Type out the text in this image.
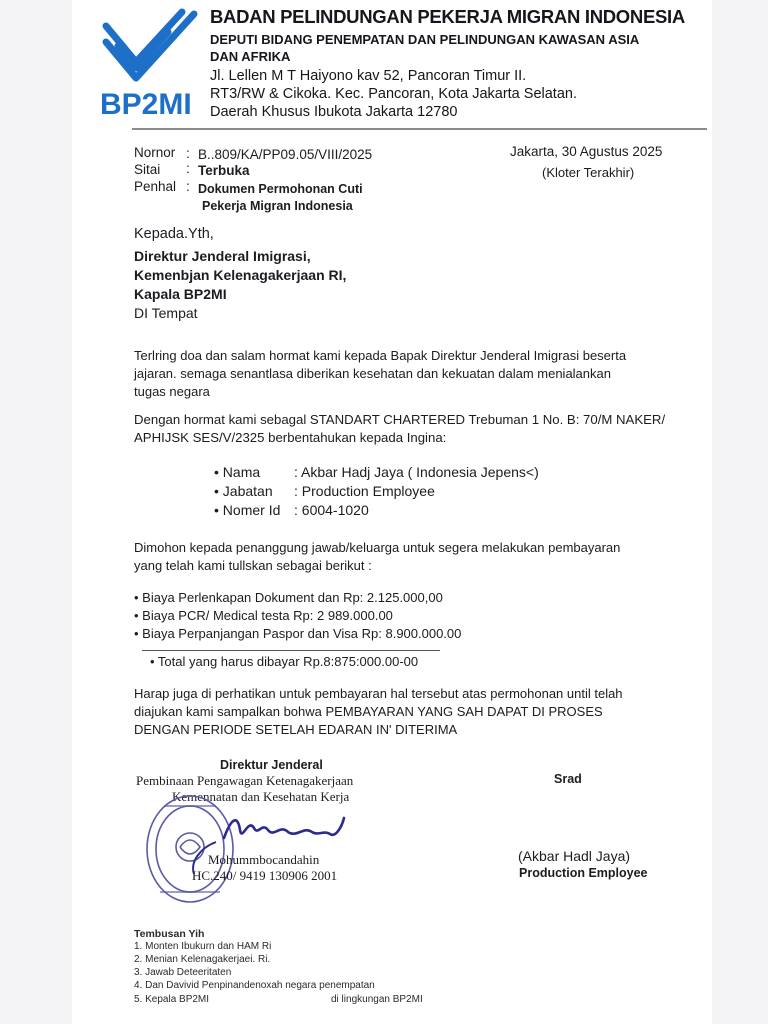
BP2MI
BADAN PELINDUNGAN PEKERJA MIGRAN INDONESIA
DEPUTI BIDANG PENEMPATAN DAN PELINDUNGAN KAWASAN ASIA DAN AFRIKA
Jl. Lellen M T Haiyono kav 52, Pancoran Timur II.
RT3/RW & Cikoka. Kec. Pancoran, Kota Jakarta Selatan.
Daerah Khusus Ibukota Jakarta 12780
Nornor : B..809/KA/PP09.05/VIII/2025
Sitai : Terbuka
Penhal : Dokumen Permohonan Cuti
Pekerja Migran Indonesia
Jakarta, 30 Agustus 2025
(Kloter Terakhir)
Kepada.Yth,
Direktur Jenderal Imigrasi,
Kemenbjan Kelenagakerjaan RI,
Kapala BP2MI
DI Tempat
Terlring doa dan salam hormat kami kepada Bapak Direktur Jenderal Imigrasi beserta
jajaran. semaga senantlasa diberikan kesehatan dan kekuatan dalam menialankan
tugas negara
Dengan hormat kami sebagal STANDART CHARTERED Trebuman 1 No. B: 70/M NAKER/
APHIJSK SES/V/2325 berbentahukan kepada Ingina:
• Nama : Akbar Hadj Jaya ( Indonesia Jepens<)
• Jabatan : Production Employee
• Nomer Id : 6004-1020
Dimohon kepada penanggung jawab/keluarga untuk segera melakukan pembayaran
yang telah kami tullskan sebagai berikut :
• Biaya Perlenkapan Dokument dan Rp: 2.125.000,00
• Biaya PCR/ Medical testa Rp: 2 989.000.00
• Biaya Perpanjangan Paspor dan Visa Rp: 8.900.000.00
• Total yang harus dibayar Rp.8:875:000.00-00
Harap juga di perhatikan untuk pembayaran hal tersebut atas permohonan until telah
diajukan kami sampalkan bohwa PEMBAYARAN YANG SAH DAPAT DI PROSES
DENGAN PERIODE SETELAH EDARAN IN' DITERIMA
Direktur Jenderal
Pembinaan Pengawagan Ketenagakerjaan
Kemennatan dan Kesehatan Kerja
Mohummbocandahin
HC.240/ 9419 130906 2001
Srad
(Akbar Hadl Jaya)
Production Employee
Tembusan Yih
1. Monten Ibukurn dan HAM Ri
2. Menian Kelenagakerjaei. Ri.
3. Jawab Deteeritaten
4. Dan Davivid Penpinandenoxah negara penempatan
5. Kepala BP2MI	di lingkungan BP2MI
